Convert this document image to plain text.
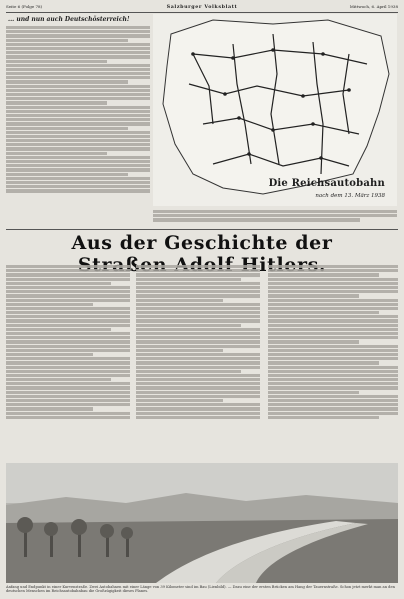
Seite 6 (Folge 78)	Salzburger Volksblatt	Mittwoch, 6. April 1938
... und nun auch Deutschösterreich!
Die Reichsautobahn
nach dem 13. März 1938
Aus der Geschichte der
Anfang und Endpunkt in einer Kurvenstraße. Zwei Autobahnen mit einer Länge von 39 Kilometer sind im Bau (Lienbild). — Dazu eine der ersten Brücken am Hang der Tauernstraße. Schon jetzt merkt man an den deutschen Menschen im Reichsautobahnbau die Großzügigkeit dieses Planes.
